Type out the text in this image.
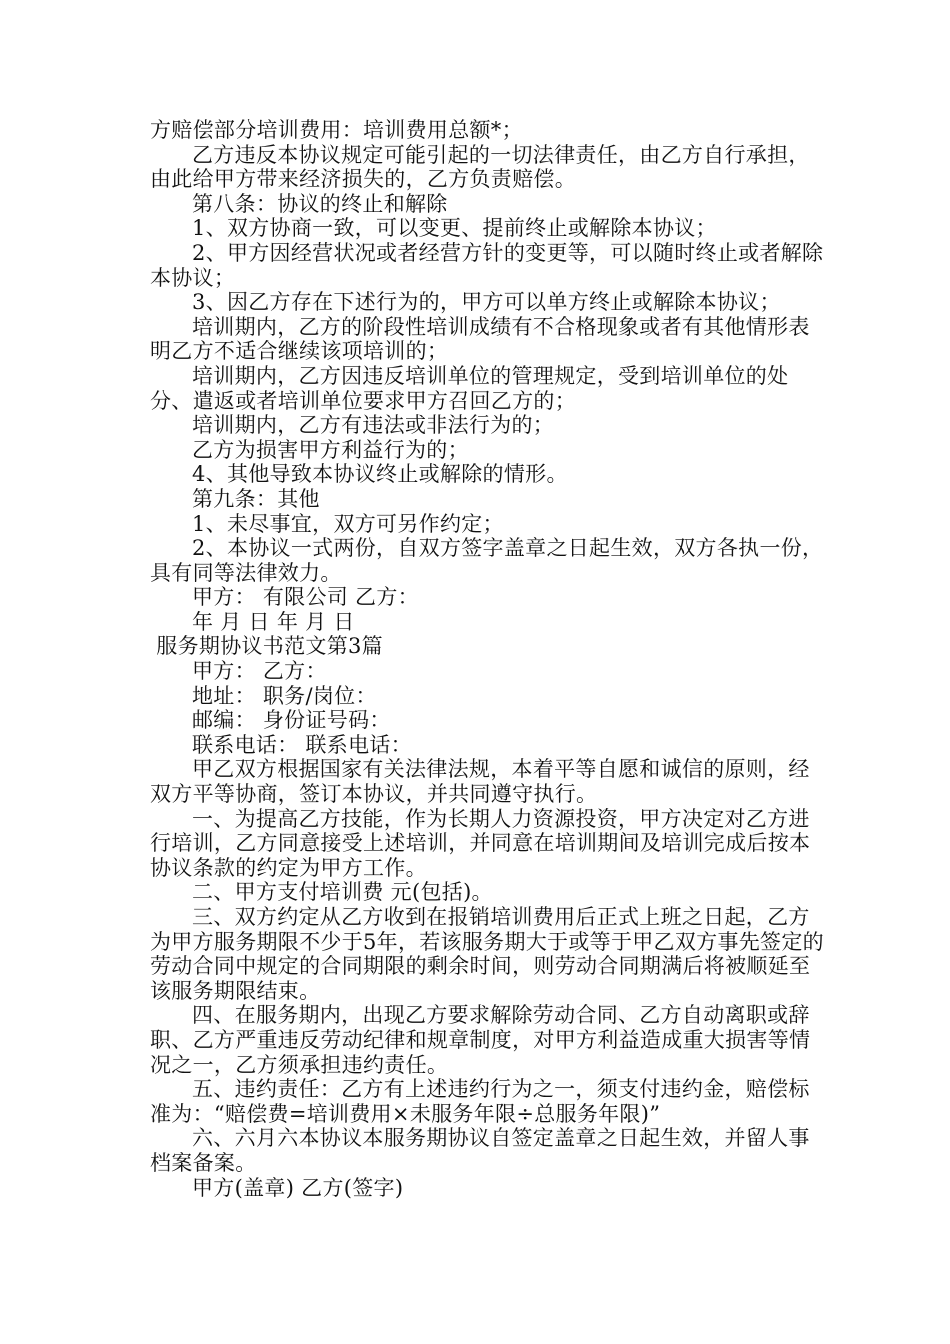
方赔偿部分培训费用：培训费用总额*；

乙方违反本协议规定可能引起的一切法律责任，由乙方自行承担，由此给甲方带来经济损失的，乙方负责赔偿。

第八条：协议的终止和解除

1、双方协商一致，可以变更、提前终止或解除本协议；

2、甲方因经营状况或者经营方针的变更等，可以随时终止或者解除本协议；

3、因乙方存在下述行为的，甲方可以单方终止或解除本协议；

培训期内，乙方的阶段性培训成绩有不合格现象或者有其他情形表明乙方不适合继续该项培训的；

培训期内，乙方因违反培训单位的管理规定，受到培训单位的处分、遣返或者培训单位要求甲方召回乙方的；

培训期内，乙方有违法或非法行为的；

乙方为损害甲方利益行为的；

4、其他导致本协议终止或解除的情形。

第九条：其他

1、未尽事宜，双方可另作约定；

2、本协议一式两份，自双方签字盖章之日起生效，双方各执一份，具有同等法律效力。

甲方： 有限公司 乙方：

年 月 日 年 月 日

服务期协议书范文第3篇

甲方： 乙方：

地址： 职务/岗位：

邮编： 身份证号码：

联系电话： 联系电话：

甲乙双方根据国家有关法律法规，本着平等自愿和诚信的原则，经双方平等协商，签订本协议，并共同遵守执行。

一、为提高乙方技能，作为长期人力资源投资，甲方决定对乙方进行培训，乙方同意接受上述培训，并同意在培训期间及培训完成后按本协议条款的约定为甲方工作。

二、甲方支付培训费 元(包括)。

三、双方约定从乙方收到在报销培训费用后正式上班之日起，乙方为甲方服务期限不少于5年，若该服务期大于或等于甲乙双方事先签定的劳动合同中规定的合同期限的剩余时间，则劳动合同期满后将被顺延至该服务期限结束。

四、在服务期内，出现乙方要求解除劳动合同、乙方自动离职或辞职、乙方严重违反劳动纪律和规章制度，对甲方利益造成重大损害等情况之一，乙方须承担违约责任。

五、违约责任：乙方有上述违约行为之一，须支付违约金，赔偿标准为：“赔偿费=培训费用×未服务年限÷总服务年限)”

六、六月六本协议本服务期协议自签定盖章之日起生效，并留人事档案备案。

甲方(盖章) 乙方(签字)
